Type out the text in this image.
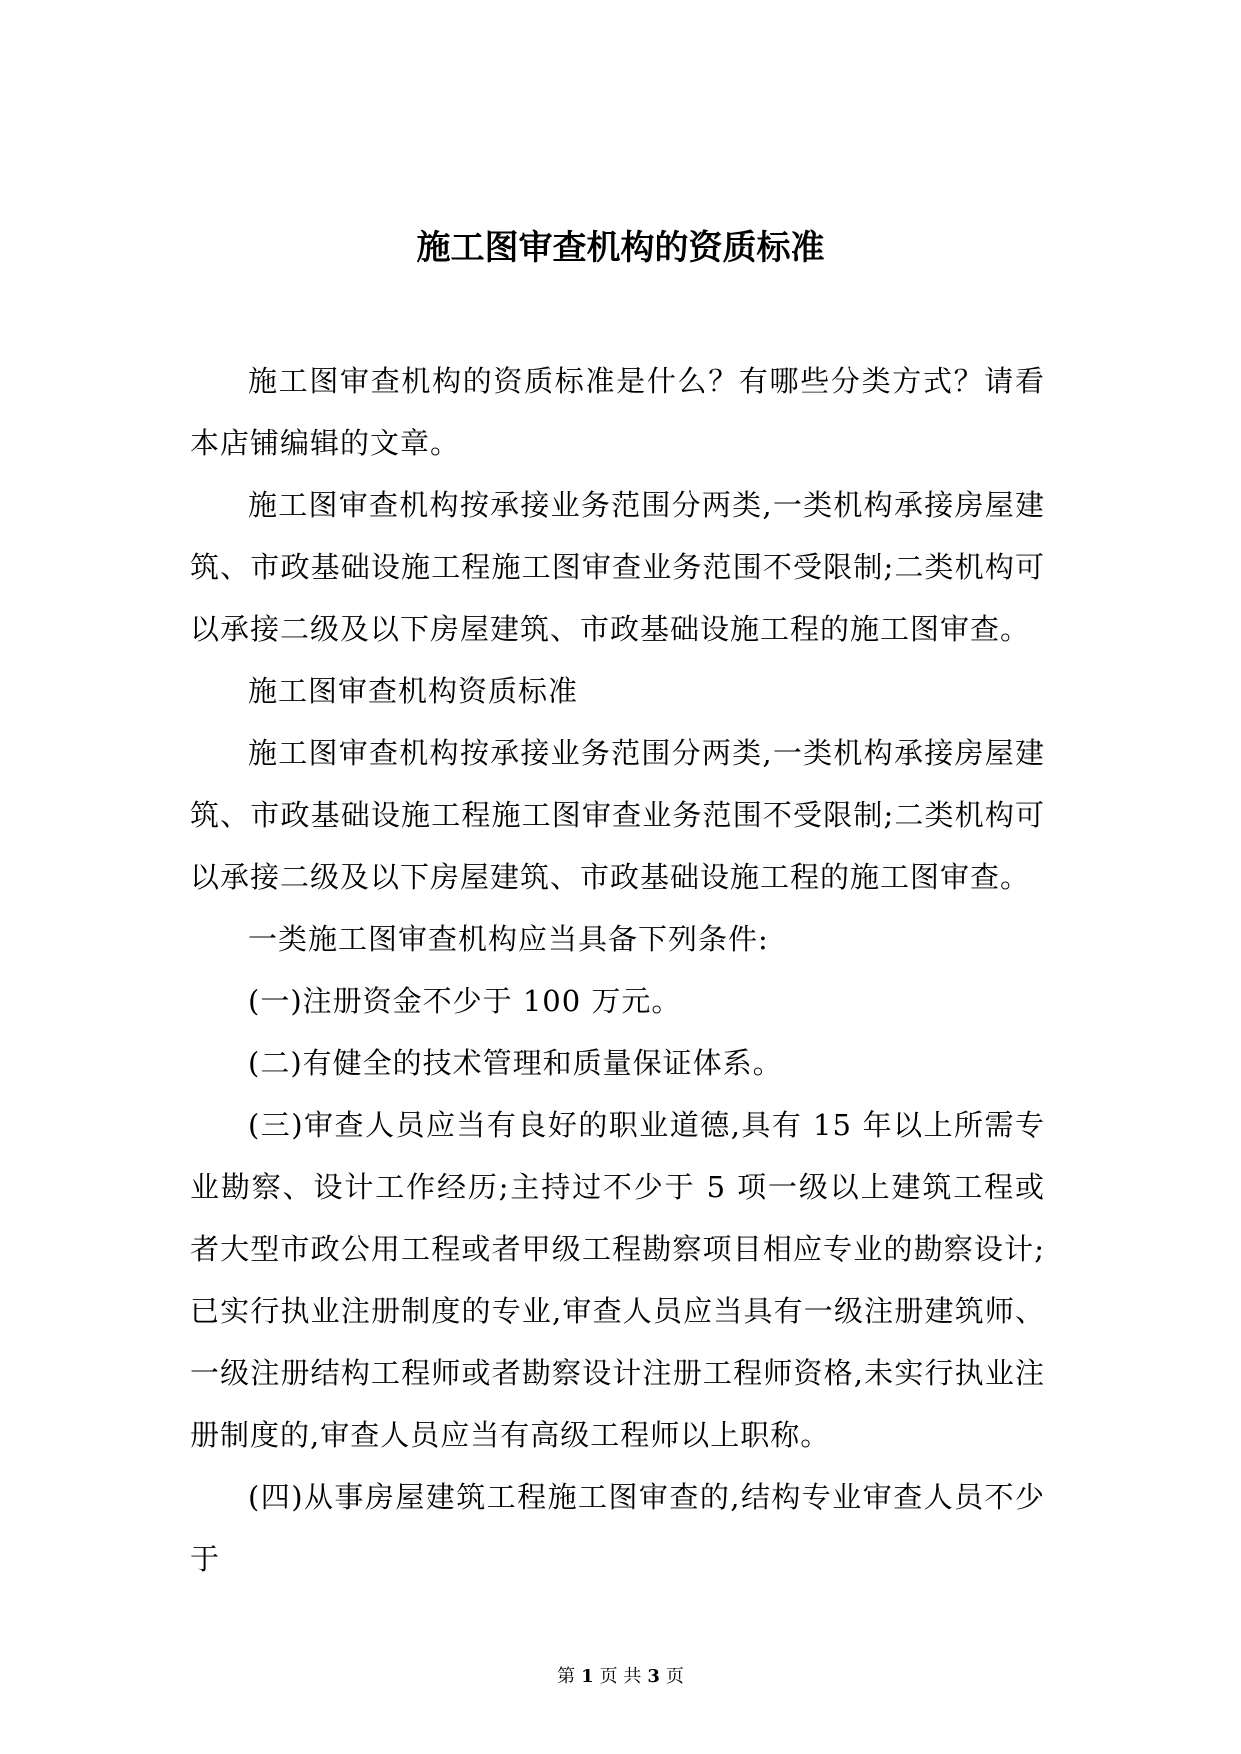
施工图审查机构的资质标准

施工图审查机构的资质标准是什么？有哪些分类方式？请看本店铺编辑的文章。

施工图审查机构按承接业务范围分两类,一类机构承接房屋建筑、市政基础设施工程施工图审查业务范围不受限制;二类机构可以承接二级及以下房屋建筑、市政基础设施工程的施工图审查。

施工图审查机构资质标准

施工图审查机构按承接业务范围分两类,一类机构承接房屋建筑、市政基础设施工程施工图审查业务范围不受限制;二类机构可以承接二级及以下房屋建筑、市政基础设施工程的施工图审查。

一类施工图审查机构应当具备下列条件:

(一)注册资金不少于 100 万元。

(二)有健全的技术管理和质量保证体系。

(三)审查人员应当有良好的职业道德,具有 15 年以上所需专业勘察、设计工作经历;主持过不少于 5 项一级以上建筑工程或者大型市政公用工程或者甲级工程勘察项目相应专业的勘察设计;已实行执业注册制度的专业,审查人员应当具有一级注册建筑师、一级注册结构工程师或者勘察设计注册工程师资格,未实行执业注册制度的,审查人员应当有高级工程师以上职称。

(四)从事房屋建筑工程施工图审查的,结构专业审查人员不少于

第 1 页 共 3 页
